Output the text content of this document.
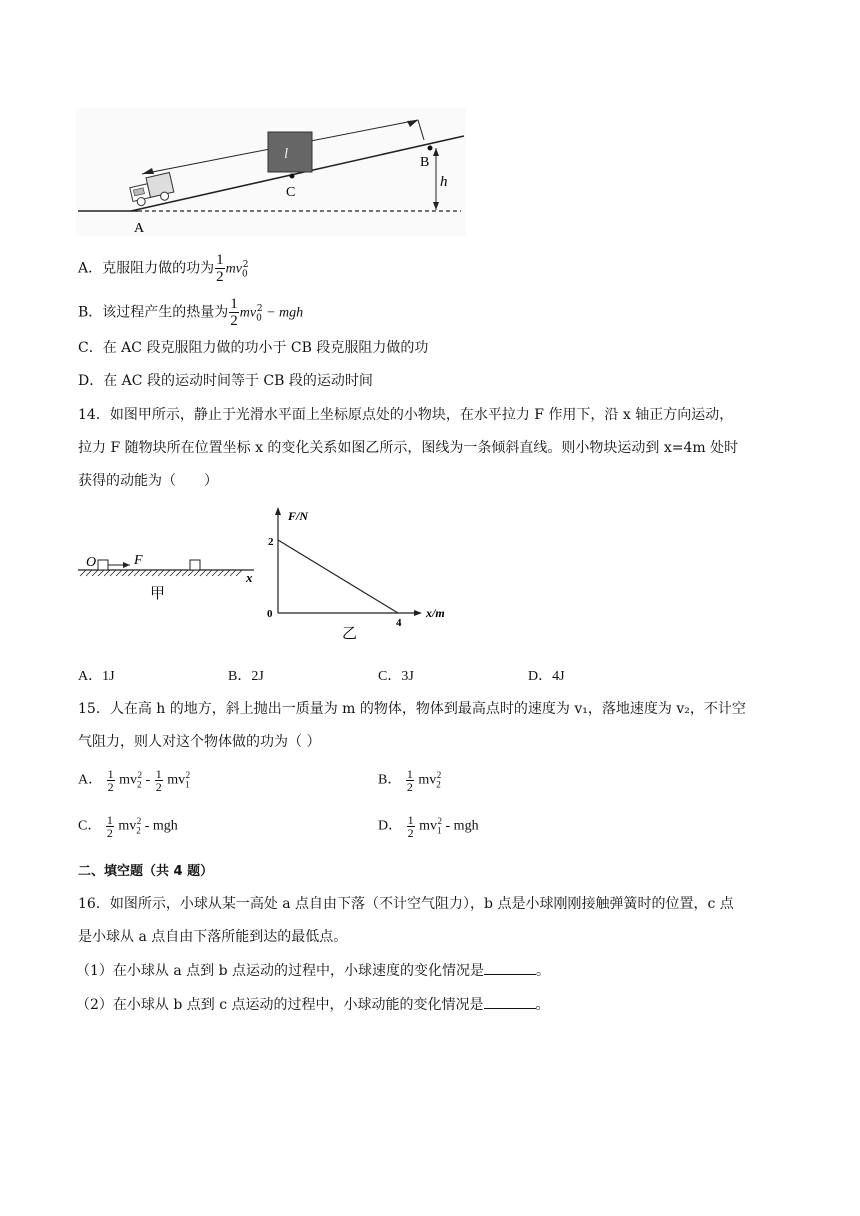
l
C
B
h
A
A．克服阻力做的功为 $\frac{1}{2} mv_0^2$
B．该过程产生的热量为 $\frac{1}{2} mv_0^2$ − mgh
C．在 AC 段克服阻力做的功小于 CB 段克服阻力做的功
D．在 AC 段的运动时间等于 CB 段的运动时间
14．如图甲所示，静止于光滑水平面上坐标原点处的小物块，在水平拉力 F 作用下，沿 x 轴正方向运动，
拉力 F 随物块所在位置坐标 x 的变化关系如图乙所示，图线为一条倾斜直线。则小物块运动到 x=4m 处时
获得的动能为（　　）
O	F
x
甲
F/N
x/m
0
2
4
乙
A．1J	B．2J	C．3J	D．4J
15．人在高 h 的地方，斜上抛出一质量为 m 的物体，物体到最高点时的速度为 v₁，落地速度为 v₂，不计空
气阻力，则人对这个物体做的功为（ ）
A． $\frac{1}{2} mv_2^2 - \frac{1}{2} mv_1^2$	B． $\frac{1}{2} mv_2^2$
C． $\frac{1}{2} mv_2^2$ - mgh	D． $\frac{1}{2} mv_1^2$ - mgh
二、填空题（共 4 题）
16．如图所示，小球从某一高处 a 点自由下落（不计空气阻力），b 点是小球刚刚接触弹簧时的位置，c 点
是小球从 a 点自由下落所能到达的最低点。
（1）在小球从 a 点到 b 点运动的过程中，小球速度的变化情况是	。
（2）在小球从 b 点到 c 点运动的过程中，小球动能的变化情况是	。
